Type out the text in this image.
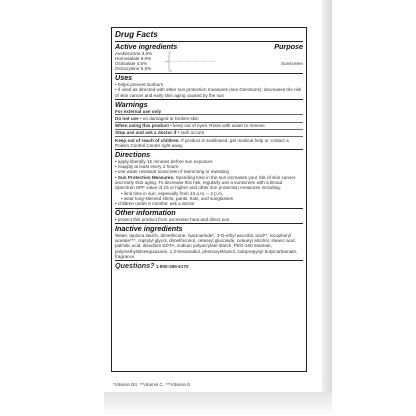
Drug Facts
Active ingredients	Purpose
Avobenzone 3.0%
Homosalate 9.0%
Octisalate 4.5%
Octocrylene 6.0%
Sunscreen
Uses
• helps prevent sunburn
• if used as directed with other sun protection measures (see Directions), decreases the risk of skin cancer and early skin aging caused by the sun
Warnings
For external use only
Do not use • on damaged or broken skin
When using this product • keep out of eyes. Rinse with water to remove.
Stop use and ask a doctor if • rash occurs
Keep out of reach of children. If product is swallowed, get medical help or contact a Poison Control Center right away.
Directions
• apply liberally 15 minutes before sun exposure
• reapply at least every 2 hours
• use water resistant sunscreen if swimming or sweating
• Sun Protection Measures. Spending time in the sun increases your risk of skin cancer and early skin aging. To decrease this risk, regularly use a sunscreen with a Broad Spectrum SPF value of 15 or higher and other sun protection measures including:
• limit time in sun, especially from 10 a.m. – 2 p.m.
• wear long-sleeved shirts, pants, hats, and sunglasses
• children under 6 months: ask a doctor
Other information
• protect this product from excessive heat and direct sun
Inactive ingredients
Water, tapioca starch, dimethicone, niacinamide*, 3-O-ethyl ascorbic acid**, tocopheryl acetate***, caprylyl glycol, dimethiconol, cetearyl glucoside, cetearyl alcohol, stearic acid, palmitic acid, disodium EDTA, sodium polyacrylate starch, PEG-100 stearate, polymethylsilsesquioxane, 1,2-hexanediol, phenoxyethanol, iodopropynyl butylcarbamate, fragrance
Questions? 1-800-285-5170
*Vitamin B3, **Vitamin C, ***Vitamin E
